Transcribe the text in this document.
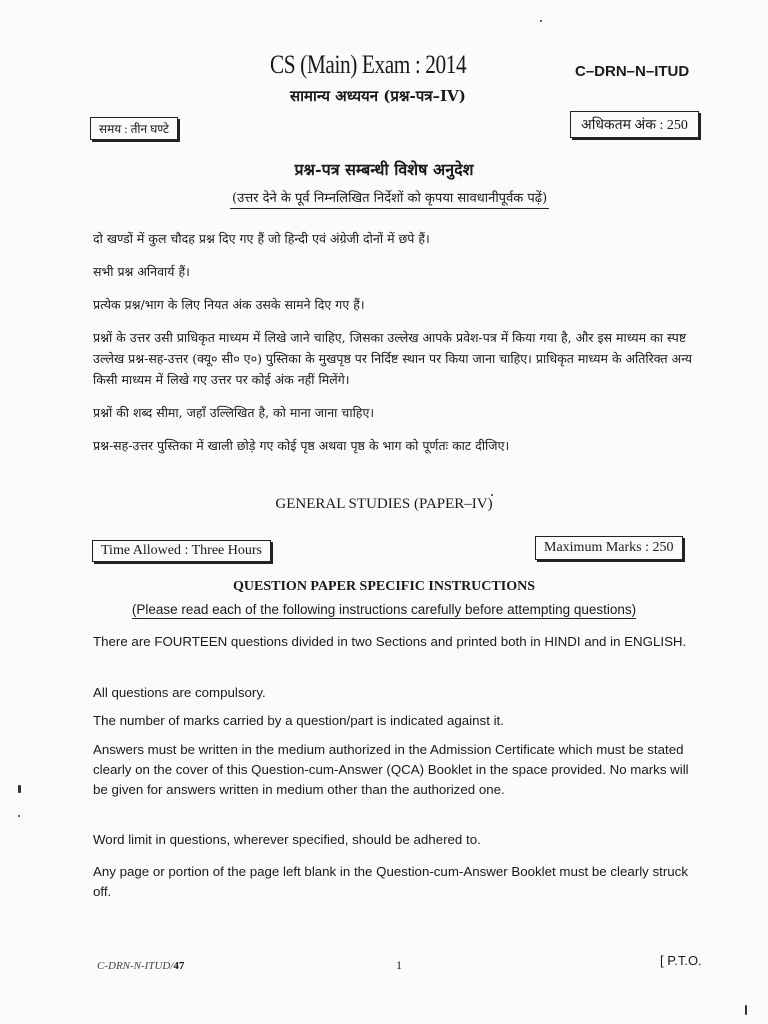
CS (Main) Exam : 2014	C–DRN–N–ITUD
सामान्य अध्ययन (प्रश्न-पत्र–IV)
समय : तीन घण्टे	अधिकतम अंक : 250
प्रश्न-पत्र सम्बन्धी विशेष अनुदेश
(उत्तर देने के पूर्व निम्नलिखित निर्देशों को कृपया सावधानीपूर्वक पढ़ें)
दो खण्डों में कुल चौदह प्रश्न दिए गए हैं जो हिन्दी एवं अंग्रेजी दोनों में छपे हैं।
सभी प्रश्न अनिवार्य हैं।
प्रत्येक प्रश्न/भाग के लिए नियत अंक उसके सामने दिए गए हैं।
प्रश्नों के उत्तर उसी प्राधिकृत माध्यम में लिखे जाने चाहिए, जिसका उल्लेख आपके प्रवेश-पत्र में किया गया है, और इस माध्यम का स्पष्ट उल्लेख प्रश्न-सह-उत्तर (क्यू० सी० ए०) पुस्तिका के मुखपृष्ठ पर निर्दिष्ट स्थान पर किया जाना चाहिए। प्राधिकृत माध्यम के अतिरिक्त अन्य किसी माध्यम में लिखे गए उत्तर पर कोई अंक नहीं मिलेंगे।
प्रश्नों की शब्द सीमा, जहाँ उल्लिखित है, को माना जाना चाहिए।
प्रश्न-सह-उत्तर पुस्तिका में खाली छोड़े गए कोई पृष्ठ अथवा पृष्ठ के भाग को पूर्णतः काट दीजिए।
GENERAL STUDIES (PAPER–IV)
Time Allowed : Three Hours	Maximum Marks : 250
QUESTION PAPER SPECIFIC INSTRUCTIONS
(Please read each of the following instructions carefully before attempting questions)
There are FOURTEEN questions divided in two Sections and printed both in HINDI and in ENGLISH.
All questions are compulsory.
The number of marks carried by a question/part is indicated against it.
Answers must be written in the medium authorized in the Admission Certificate which must be stated clearly on the cover of this Question-cum-Answer (QCA) Booklet in the space provided. No marks will be given for answers written in medium other than the authorized one.
Word limit in questions, wherever specified, should be adhered to.
Any page or portion of the page left blank in the Question-cum-Answer Booklet must be clearly struck off.
C-DRN-N-ITUD/47	1	[ P.T.O.
